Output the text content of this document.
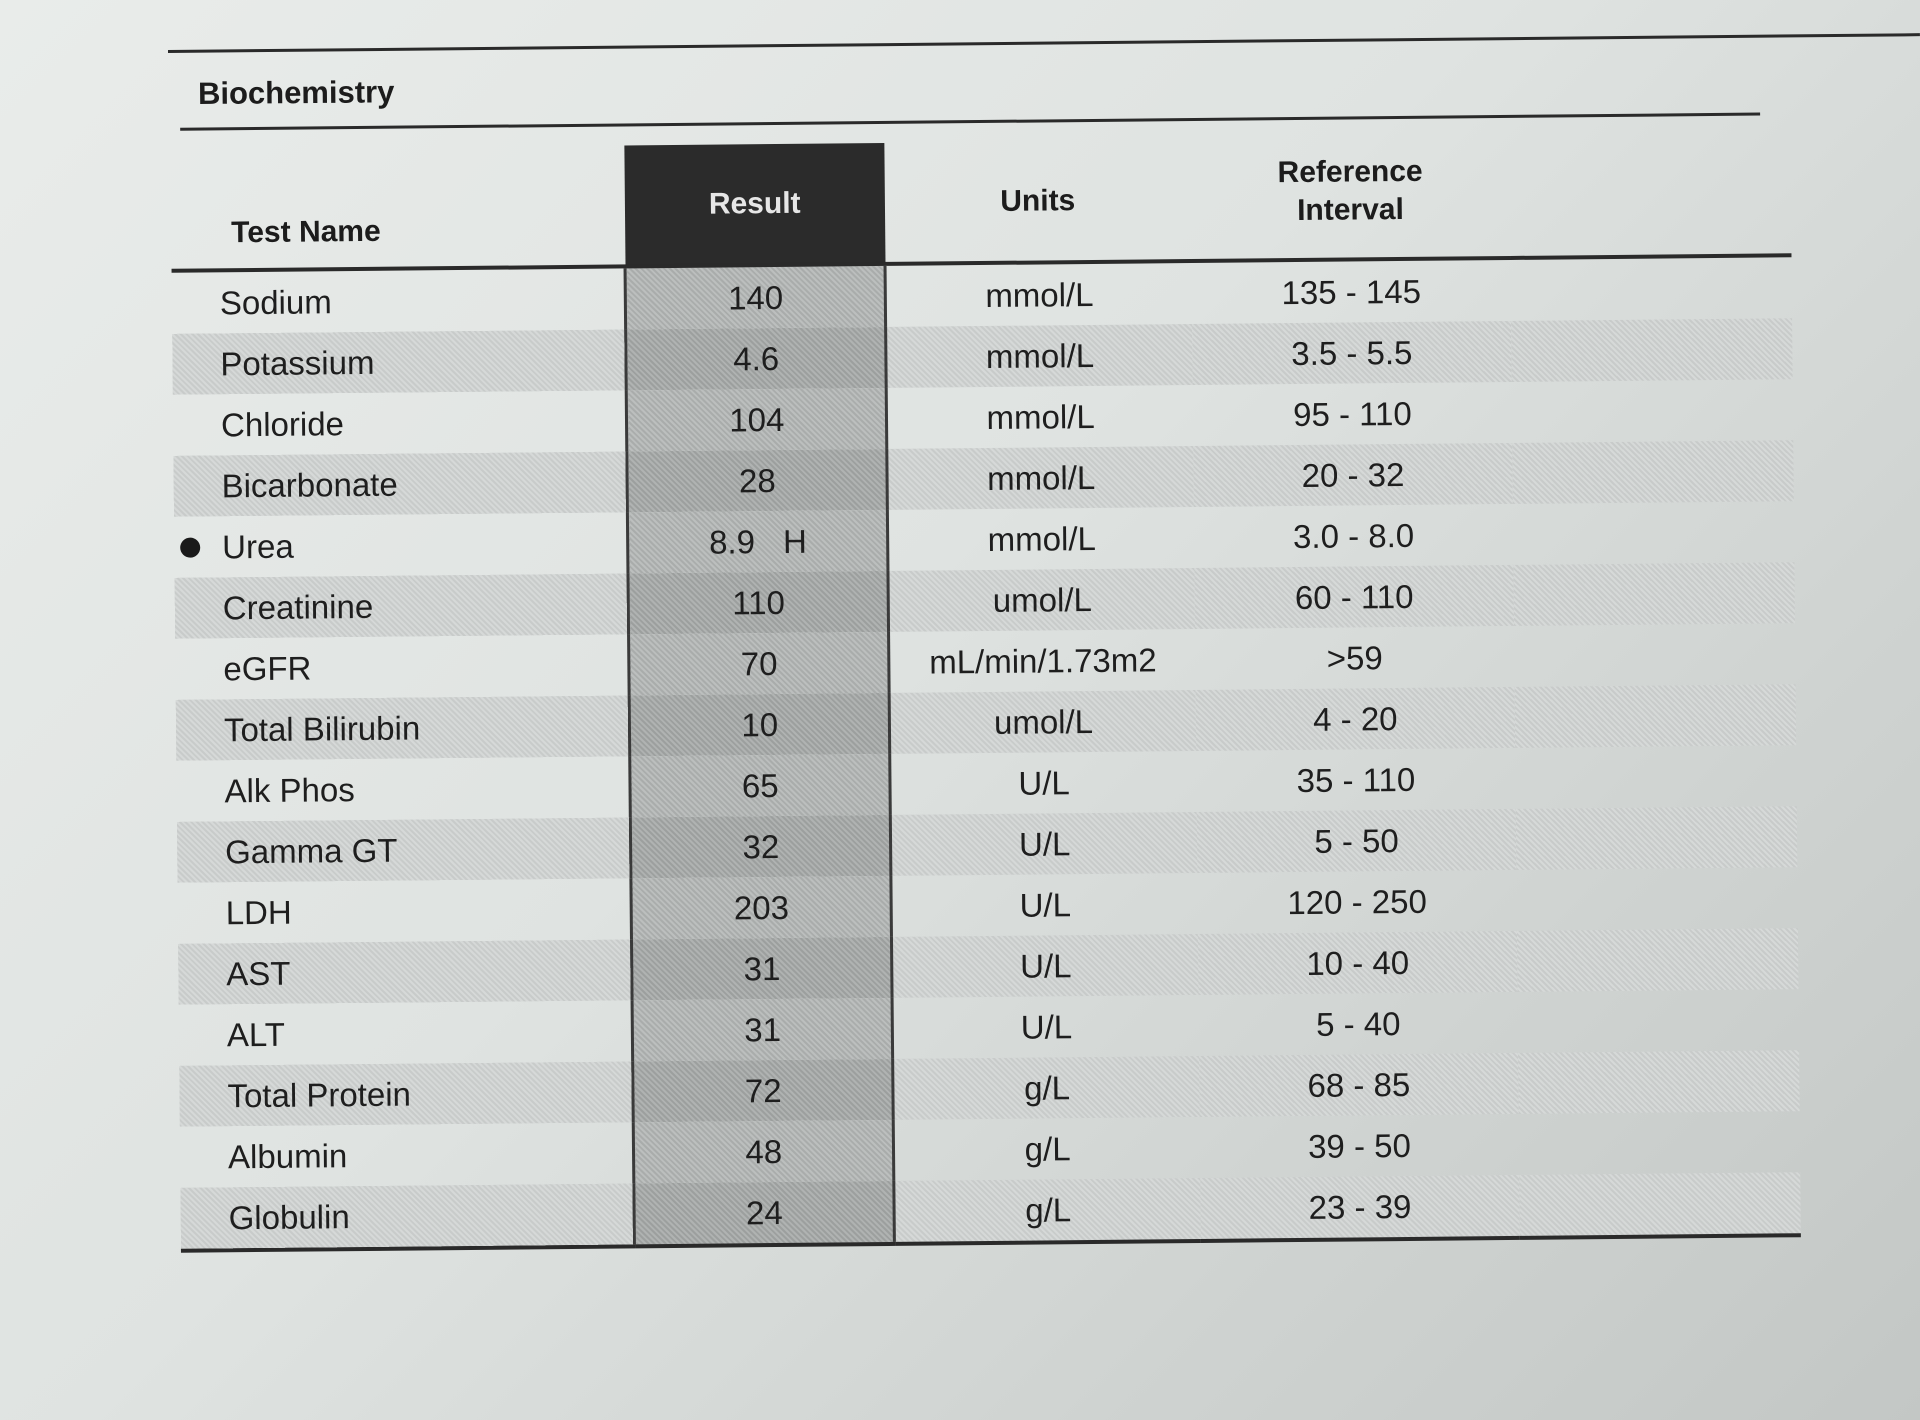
Biochemistry
Test Name	Result	Units	Reference
Interval	
Sodium	140	mmol/L	135 - 145	
Potassium	4.6	mmol/L	3.5 - 5.5	
Chloride	104	mmol/L	95 - 110	
Bicarbonate	28	mmol/L	20 - 32	

Urea	8.9 H	mmol/L	3.0 - 8.0	
Creatinine	110	umol/L	60 - 110	
eGFR	70	mL/min/1.73m2	>59	
Total Bilirubin	10	umol/L	4 - 20	
Alk Phos	65	U/L	35 - 110	
Gamma GT	32	U/L	5 - 50	
LDH	203	U/L	120 - 250	
AST	31	U/L	10 - 40	
ALT	31	U/L	5 - 40	
Total Protein	72	g/L	68 - 85	
Albumin	48	g/L	39 - 50	
Globulin	24	g/L	23 - 39	
